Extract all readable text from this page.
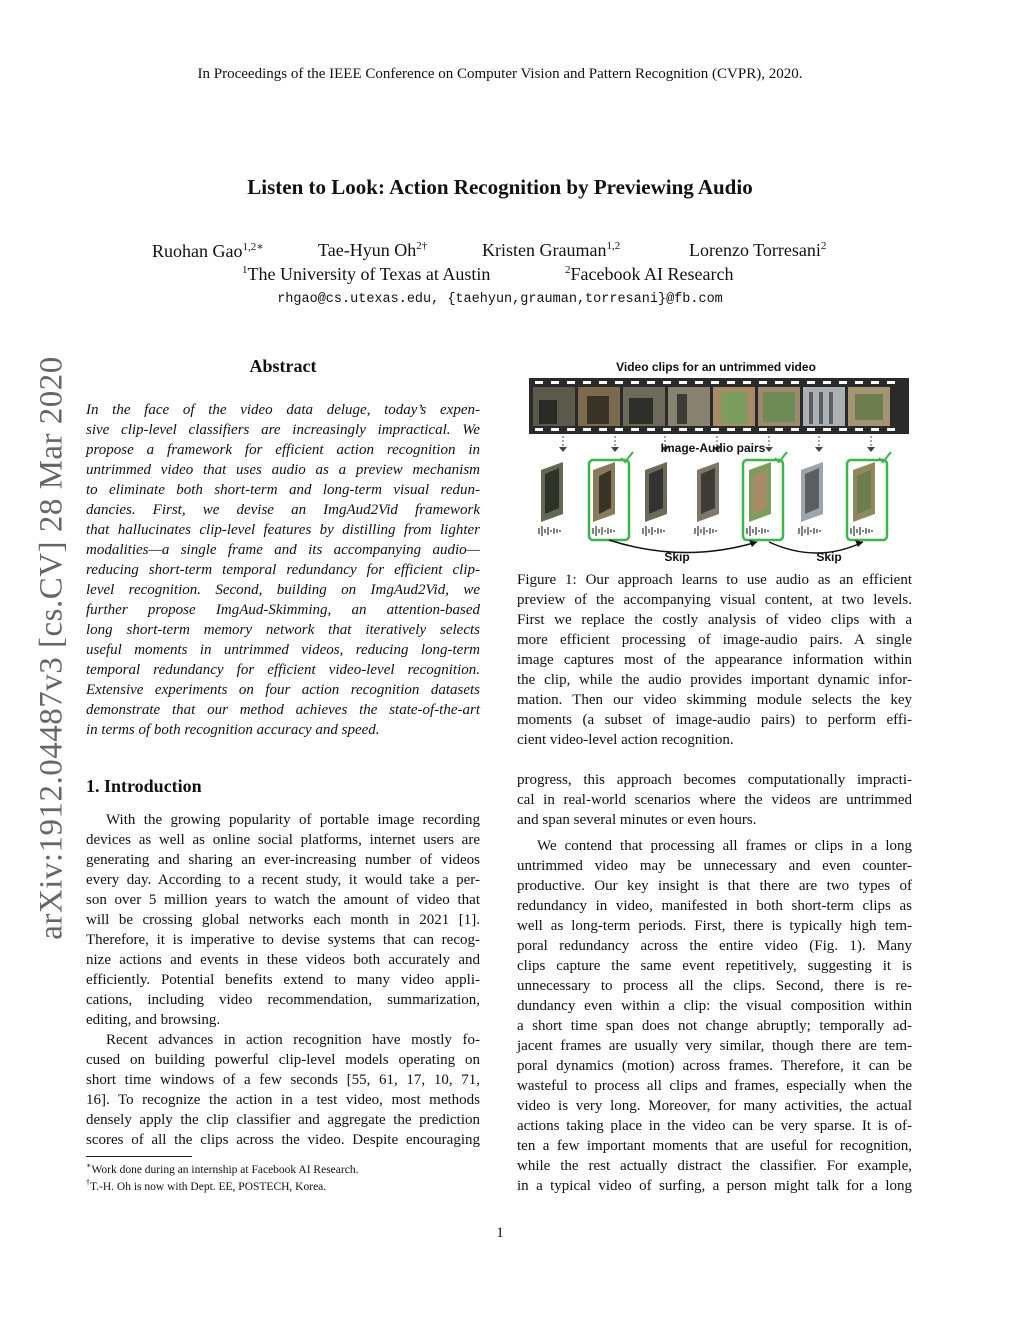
In Proceedings of the IEEE Conference on Computer Vision and Pattern Recognition (CVPR), 2020.
Listen to Look: Action Recognition by Previewing Audio
Ruohan Gao$^{1,2∗}$	Tae-Hyun $Oh^{2\dagger}$	Kristen Grauman$^{1,2}$	Lorenzo Torresani$^2$
$^1$The University of Texas at Austin	$^2$Facebook AI Research
rhgao@cs.utexas.edu, {taehyun,grauman,torresani}@fb.com
arXiv:1912.04487v3 [cs.CV] 28 Mar 2020	Abstract
In the face of the video data deluge, today’s expen-
sive clip-level classifiers are increasingly impractical. We
propose a framework for efficient action recognition in
untrimmed video that uses audio as a preview mechanism
to eliminate both short-term and long-term visual redun-
dancies. First, we devise an ImgAud2Vid framework
that hallucinates clip-level features by distilling from lighter
modalities—a single frame and its accompanying audio—
reducing short-term temporal redundancy for efficient clip-
level recognition. Second, building on ImgAud2Vid, we
further propose ImgAud-Skimming, an attention-based
long short-term memory network that iteratively selects
useful moments in untrimmed videos, reducing long-term
temporal redundancy for efficient video-level recognition.
Extensive experiments on four action recognition datasets
demonstrate that our method achieves the state-of-the-art
in terms of both recognition accuracy and speed.
1. Introduction
With the growing popularity of portable image recording
devices as well as online social platforms, internet users are
generating and sharing an ever-increasing number of videos
every day. According to a recent study, it would take a per-
son over 5 million years to watch the amount of video that
will be crossing global networks each month in 2021 [1].
Therefore, it is imperative to devise systems that can recog-
nize actions and events in these videos both accurately and
efficiently. Potential benefits extend to many video appli-
cations, including video recommendation, summarization,
editing, and browsing.
Recent advances in action recognition have mostly fo-
cused on building powerful clip-level models operating on
short time windows of a few seconds [55, 61, 17, 10, 71,
16]. To recognize the action in a test video, most methods
densely apply the clip classifier and aggregate the prediction
scores of all the clips across the video. Despite encouraging
∗Work done during an internship at Facebook AI Research.
†T.-H. Oh is now with Dept. EE, POSTECH, Korea.
Video clips for an untrimmed video
Image-Audio pairs
Skip	Skip
Figure 1: Our approach learns to use audio as an efficient
preview of the accompanying visual content, at two levels.
First we replace the costly analysis of video clips with a
more efficient processing of image-audio pairs. A single
image captures most of the appearance information within
the clip, while the audio provides important dynamic infor-
mation. Then our video skimming module selects the key
moments (a subset of image-audio pairs) to perform effi-
cient video-level action recognition.
progress, this approach becomes computationally impracti-
cal in real-world scenarios where the videos are untrimmed
and span several minutes or even hours.
We contend that processing all frames or clips in a long
untrimmed video may be unnecessary and even counter-
productive. Our key insight is that there are two types of
redundancy in video, manifested in both short-term clips as
well as long-term periods. First, there is typically high tem-
poral redundancy across the entire video (Fig. 1). Many
clips capture the same event repetitively, suggesting it is
unnecessary to process all the clips. Second, there is re-
dundancy even within a clip: the visual composition within
a short time span does not change abruptly; temporally ad-
jacent frames are usually very similar, though there are tem-
poral dynamics (motion) across frames. Therefore, it can be
wasteful to process all clips and frames, especially when the
video is very long. Moreover, for many activities, the actual
actions taking place in the video can be very sparse. It is of-
ten a few important moments that are useful for recognition,
while the rest actually distract the classifier. For example,
in a typical video of surfing, a person might talk for a long
1
